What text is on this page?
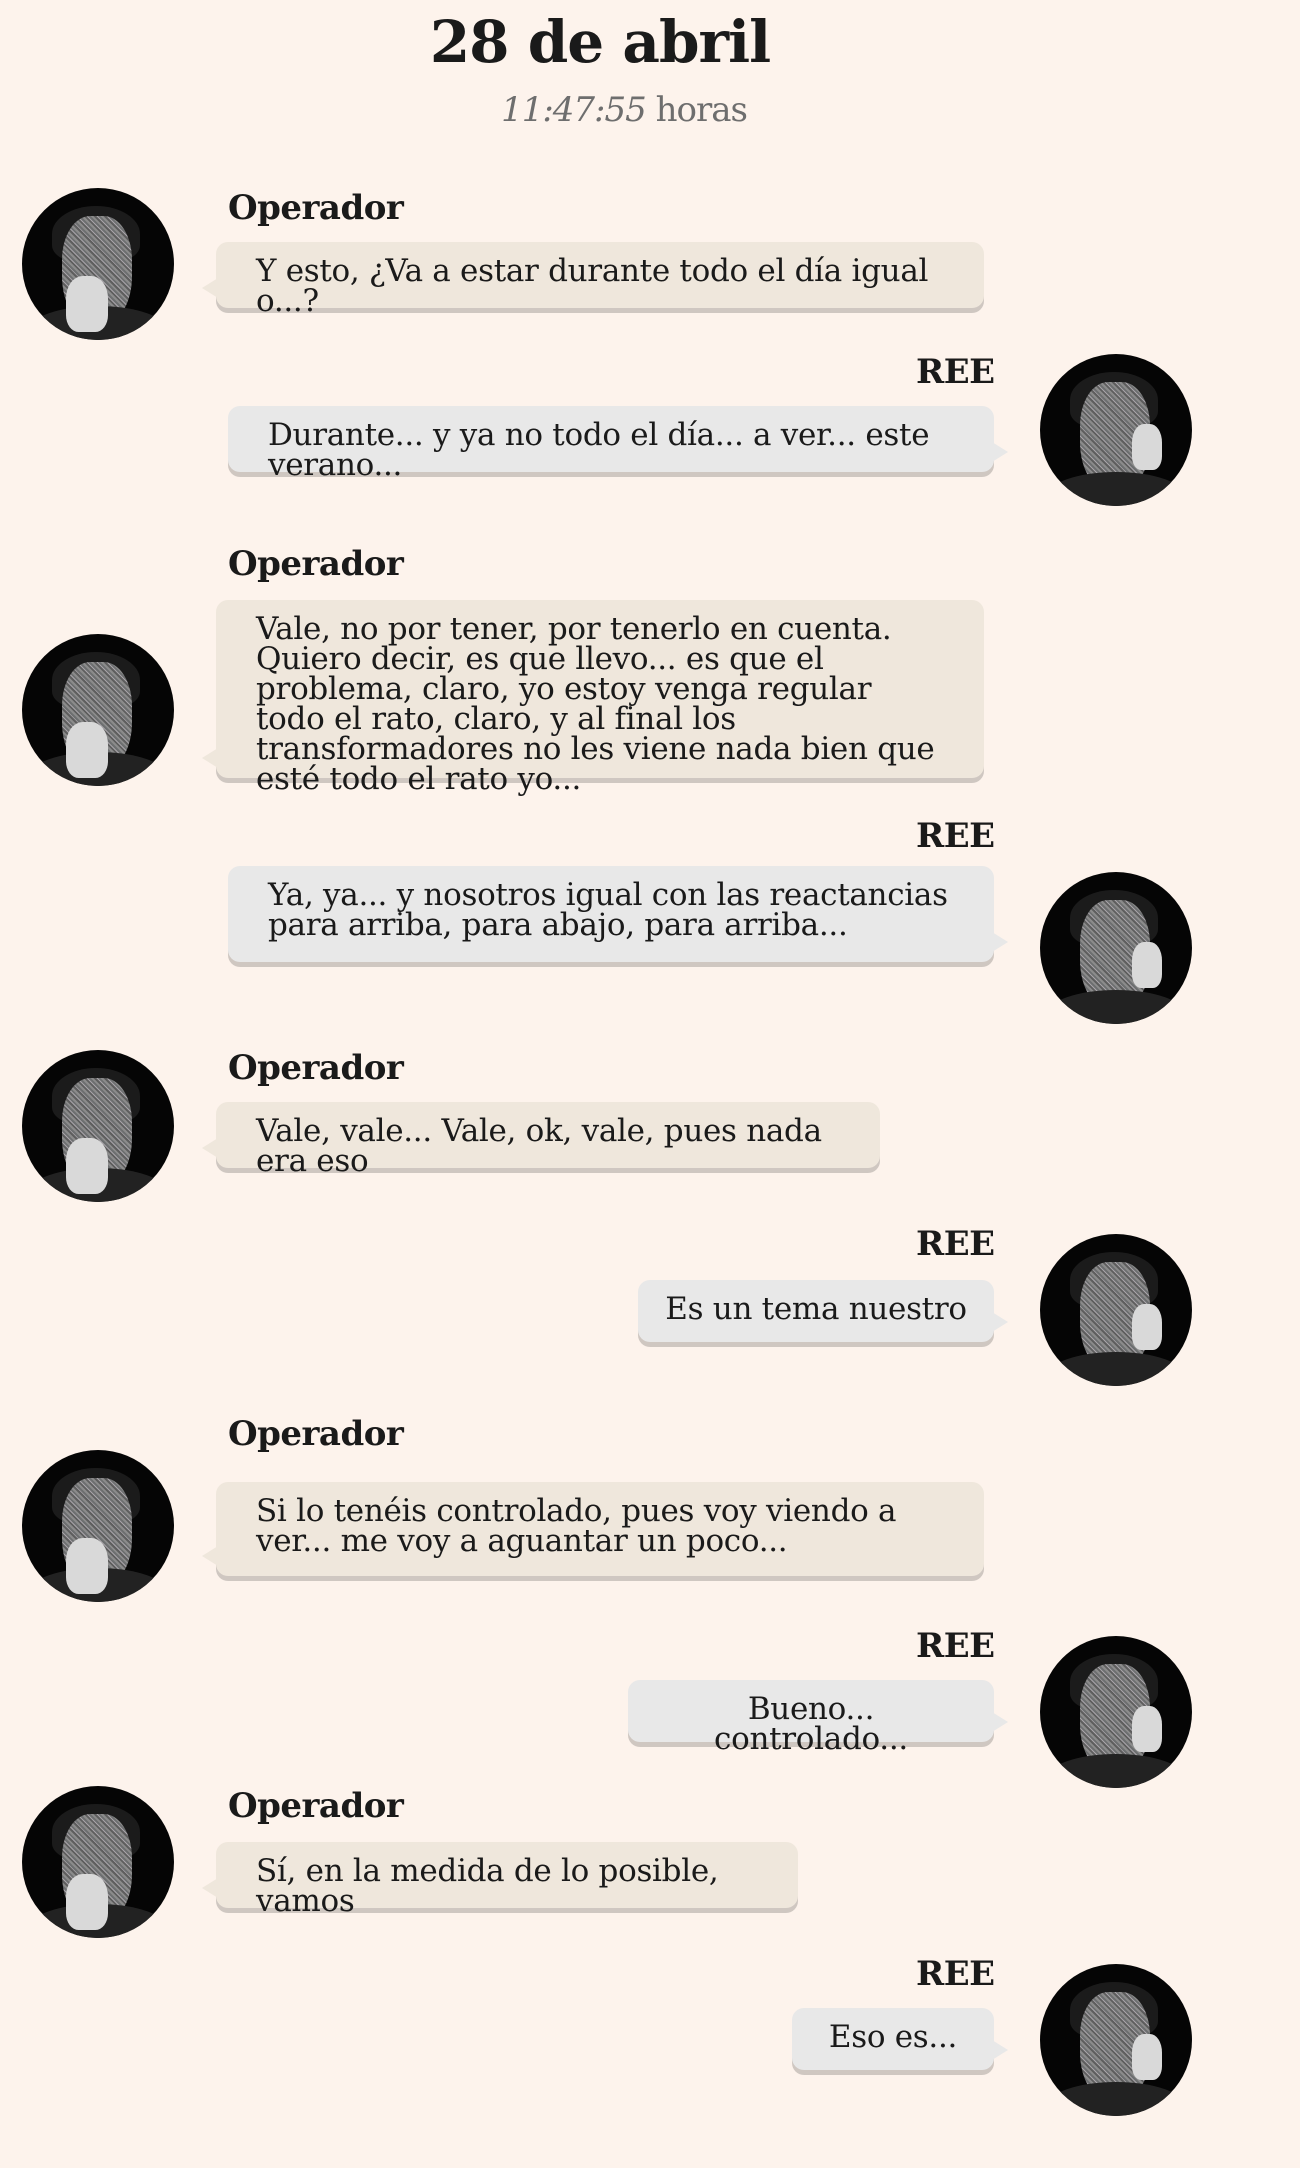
28 de abril
11:47:55 horas
Operador
Y esto, ¿Va a estar durante todo el día igual o...?
REE
Durante... y ya no todo el día... a ver... este verano...
Operador
Vale, no por tener, por tenerlo en cuenta. Quiero decir, es que llevo... es que el problema, claro, yo estoy venga regular todo el rato, claro, y al final los transformadores no les viene nada bien que esté todo el rato yo...
REE
Ya, ya... y nosotros igual con las reactancias para arriba, para abajo, para arriba...
Operador
Vale, vale... Vale, ok, vale, pues nada era eso
REE
Es un tema nuestro
Operador
Si lo tenéis controlado, pues voy viendo a ver... me voy a aguantar un poco...
REE
Bueno... controlado...
Operador
Sí, en la medida de lo posible, vamos
REE
Eso es...
